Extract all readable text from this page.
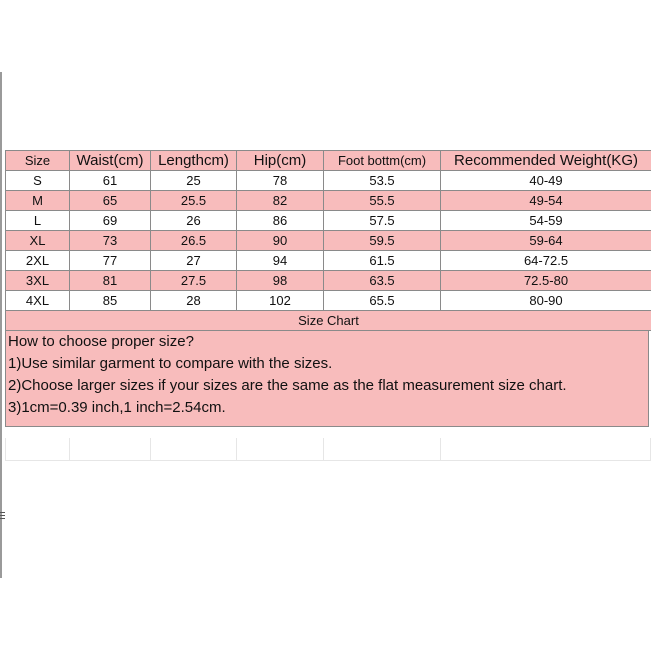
Size	Waist(cm)	Lengthcm)	Hip(cm)	Foot bottm(cm)	Recommended Weight(KG)
S	61	25	78	53.5	40-49
M	65	25.5	82	55.5	49-54
L	69	26	86	57.5	54-59
XL	73	26.5	90	59.5	59-64
2XL	77	27	94	61.5	64-72.5
3XL	81	27.5	98	63.5	72.5-80
4XL	85	28	102	65.5	80-90
Size Chart					
How to choose proper size?
1)Use similar garment to compare with the sizes.
2)Choose larger sizes if your sizes are the same as the flat measurement size chart.
3)1cm=0.39 inch,1 inch=2.54cm.
